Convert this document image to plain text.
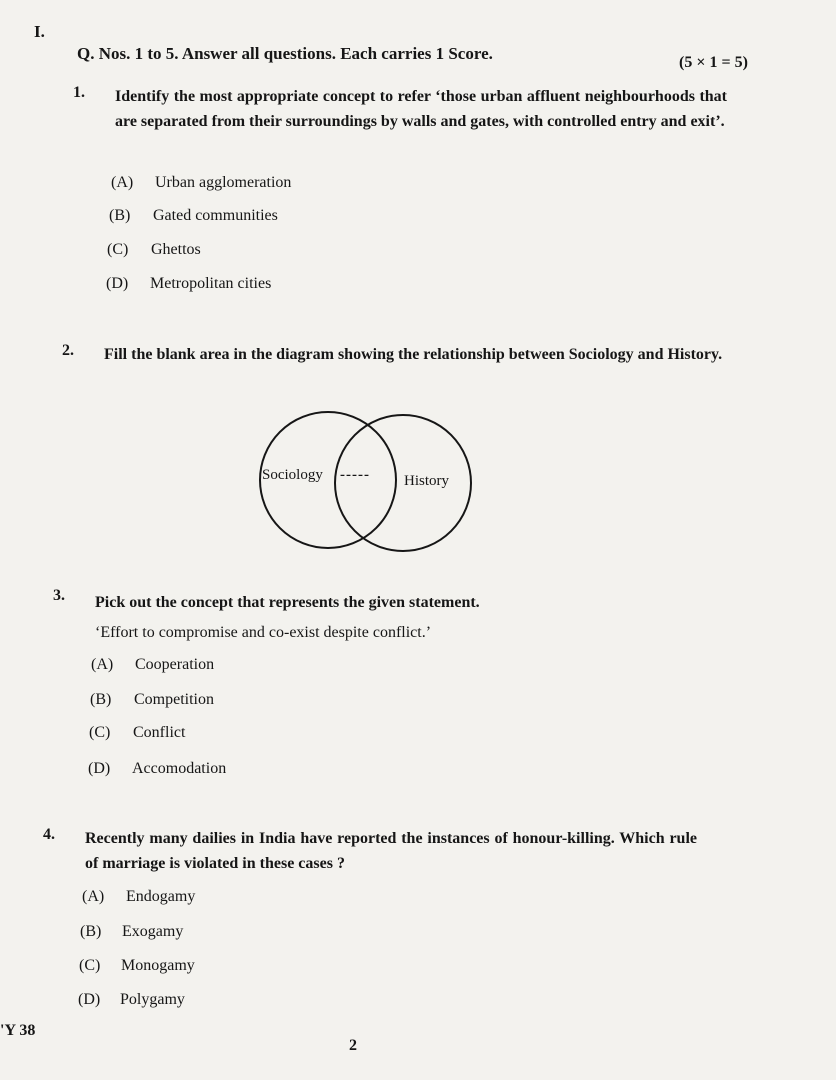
I.
Q. Nos. 1 to 5. Answer all questions. Each carries 1 Score.	(5 × 1 = 5)
1. Identify the most appropriate concept to refer ‘those urban affluent neighbourhoods that are separated from their surroundings by walls and gates, with controlled entry and exit’.
(A)	Urban agglomeration
(B)	Gated communities
(C)	Ghettos
(D)	Metropolitan cities
2. Fill the blank area in the diagram showing the relationship between Sociology and History.
Sociology ----- History
3. Pick out the concept that represents the given statement.
‘Effort to compromise and co-exist despite conflict.’
(A)	Cooperation
(B)	Competition
(C)	Conflict
(D)	Accomodation
4. Recently many dailies in India have reported the instances of honour-killing. Which rule of marriage is violated in these cases ?
(A)	Endogamy
(B)	Exogamy
(C)	Monogamy
(D)	Polygamy
'Y 38
2
